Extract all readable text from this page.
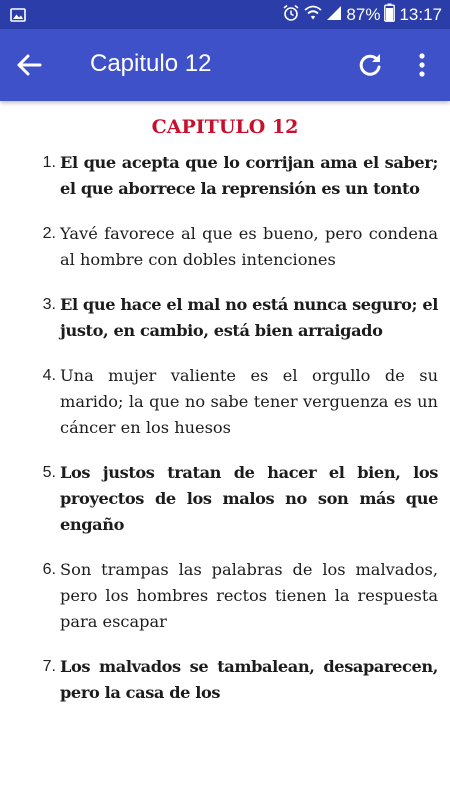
87% 13:17
Capitulo 12
CAPITULO 12
1. El que acepta que lo corrijan ama el saber; el que aborrece la reprensión es un tonto
2. Yavé favorece al que es bueno, pero condena al hombre con dobles intenciones
3. El que hace el mal no está nunca seguro; el justo, en cambio, está bien arraigado
4. Una mujer valiente es el orgullo de su marido; la que no sabe tener verguenza es un cáncer en los huesos
5. Los justos tratan de hacer el bien, los proyectos de los malos no son más que engaño
6. Son trampas las palabras de los malvados, pero los hombres rectos tienen la respuesta para escapar
7. Los malvados se tambalean, desaparecen, pero la casa de los
